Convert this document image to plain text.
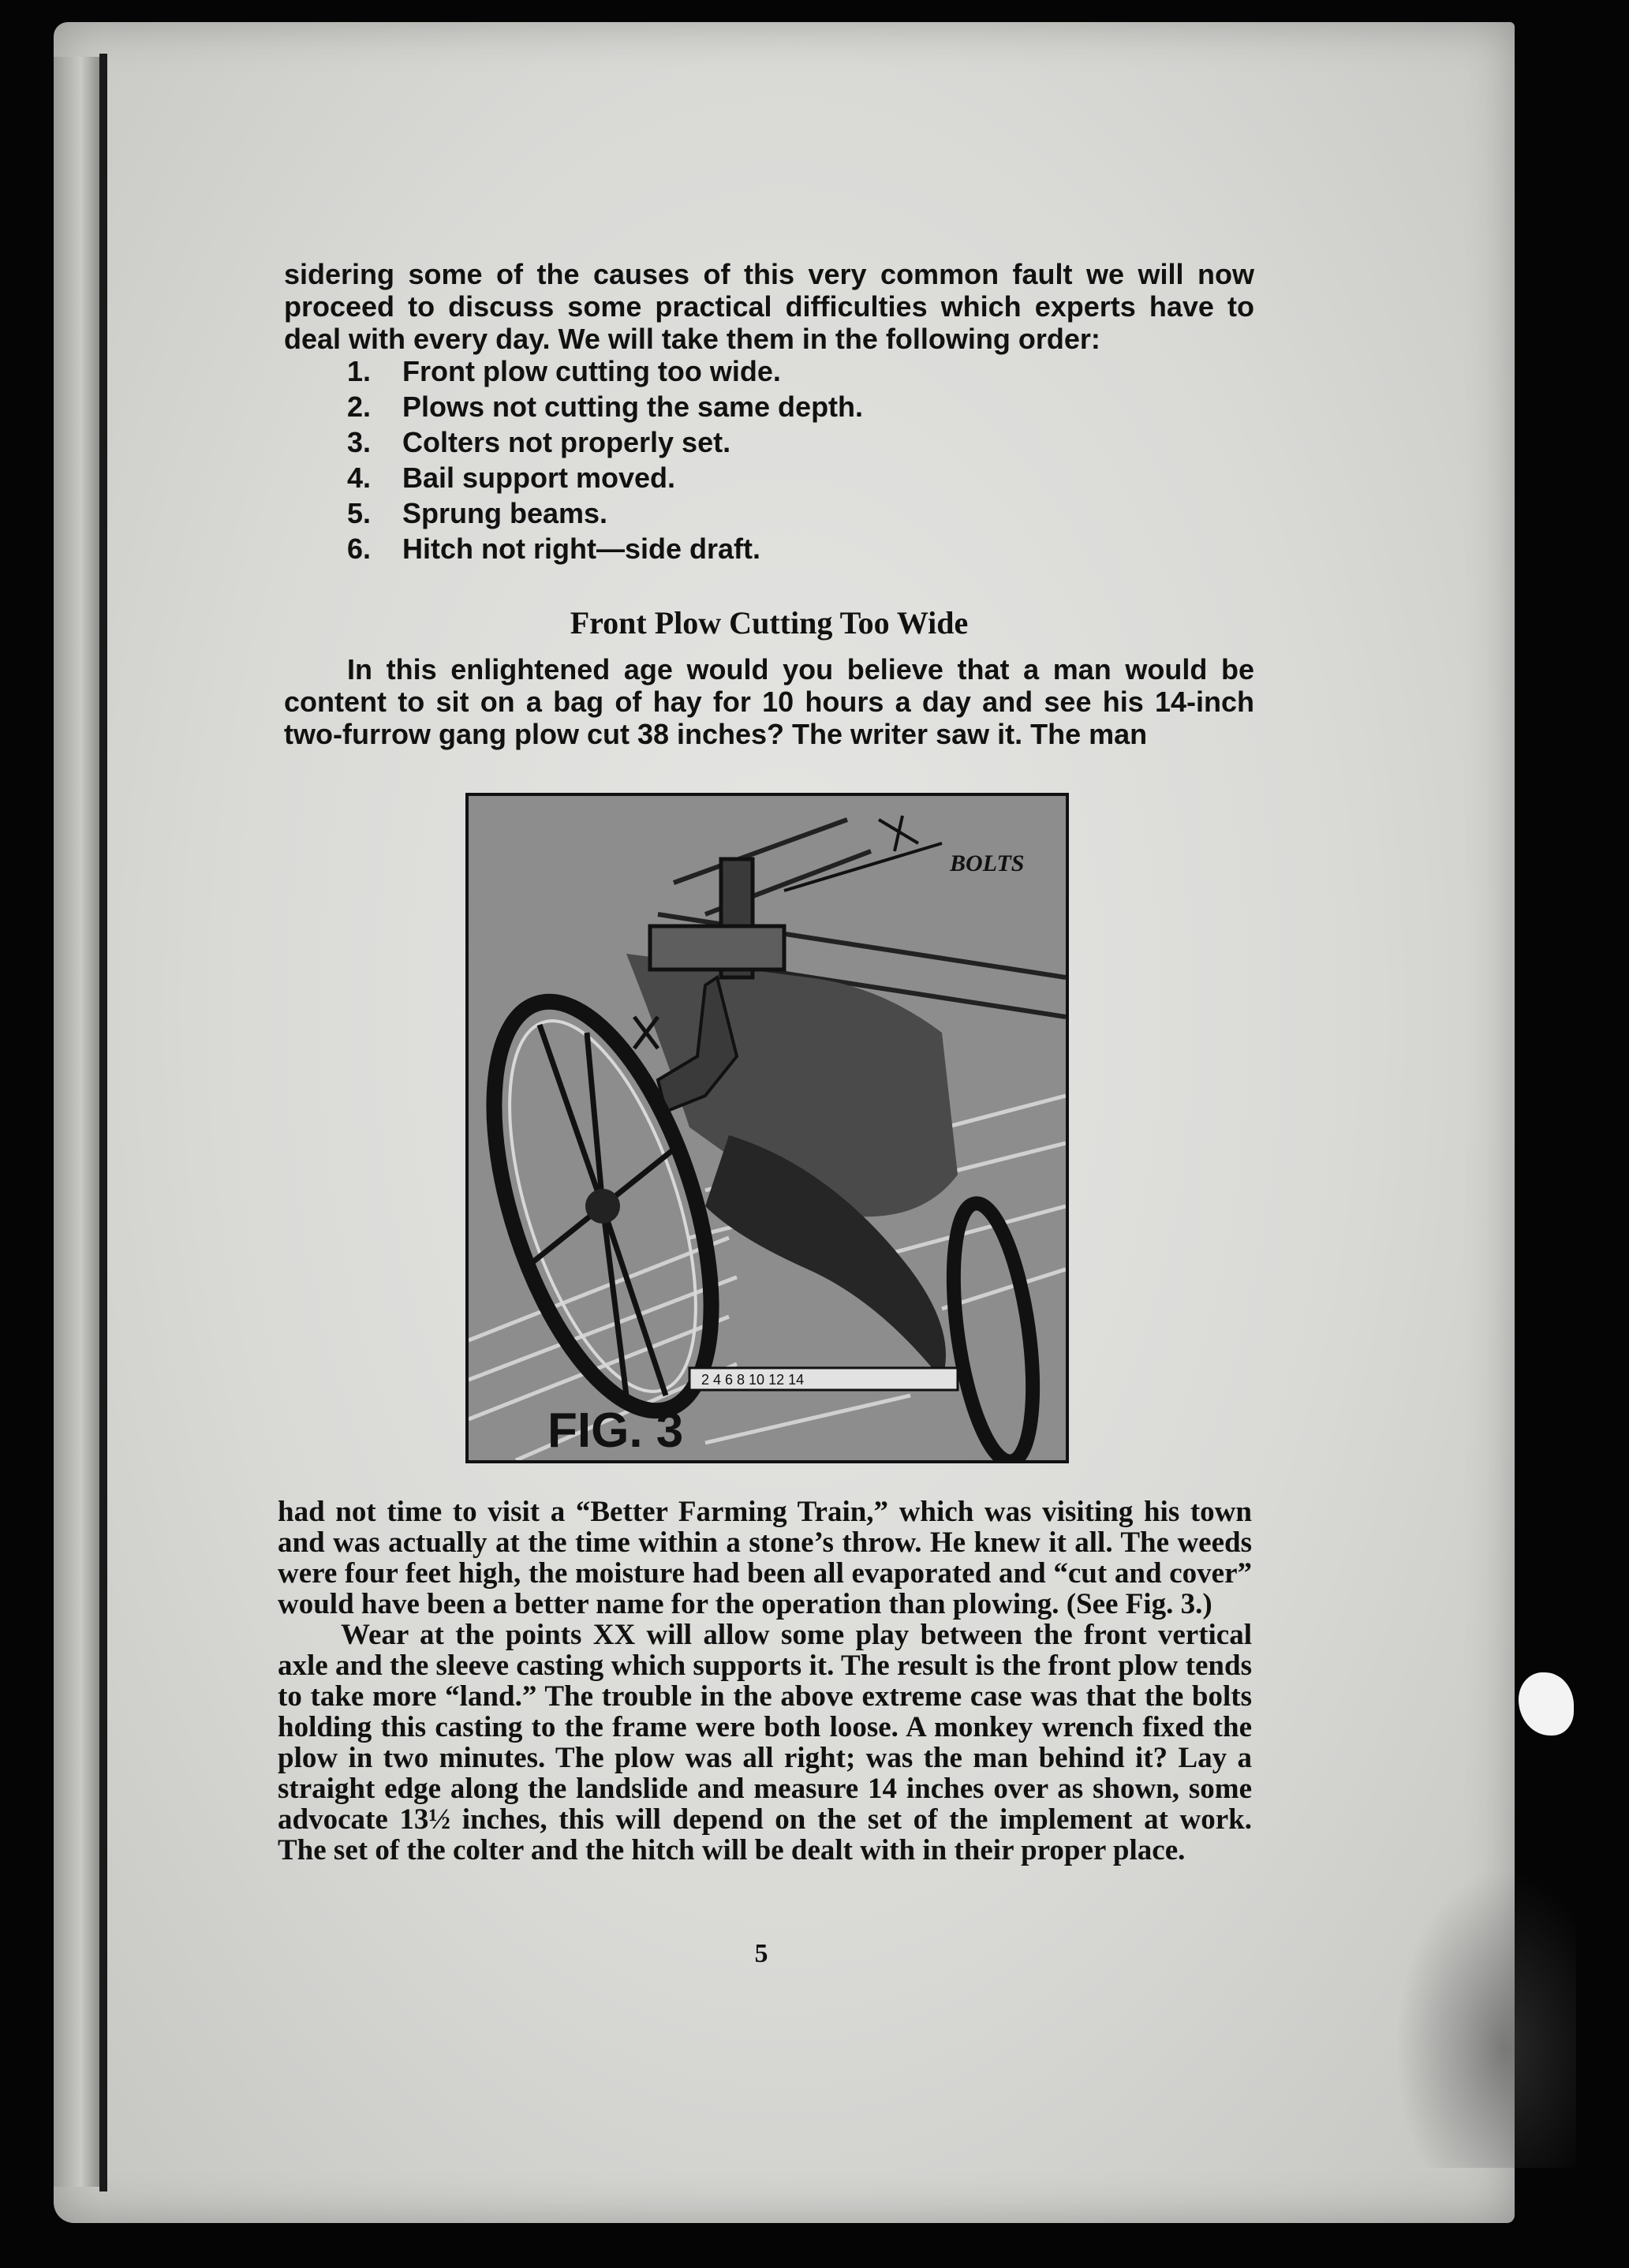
sidering some of the causes of this very common fault we will now proceed to discuss some practical difficulties which experts have to deal with every day. We will take them in the following order:

1.	Front plow cutting too wide.
2.	Plows not cutting the same depth.
3.	Colters not properly set.
4.	Bail support moved.
5.	Sprung beams.
6.	Hitch not right—side draft.
Front Plow Cutting Too Wide

In this enlightened age would you believe that a man would be content to sit on a bag of hay for 10 hours a day and see his 14-inch two-furrow gang plow cut 38 inches? The writer saw it. The man

BOLTS
2 4 6 8 10 12 14
FIG. 3

had not time to visit a “Better Farming Train,” which was visiting his town and was actually at the time within a stone’s throw. He knew it all. The weeds were four feet high, the moisture had been all evaporated and “cut and cover” would have been a better name for the operation than plowing. (See Fig. 3.)

Wear at the points XX will allow some play between the front vertical axle and the sleeve casting which supports it. The result is the front plow tends to take more “land.” The trouble in the above extreme case was that the bolts holding this casting to the frame were both loose. A monkey wrench fixed the plow in two minutes. The plow was all right; was the man behind it? Lay a straight edge along the landslide and measure 14 inches over as shown, some advocate 13½ inches, this will depend on the set of the implement at work. The set of the colter and the hitch will be dealt with in their proper place.

5
